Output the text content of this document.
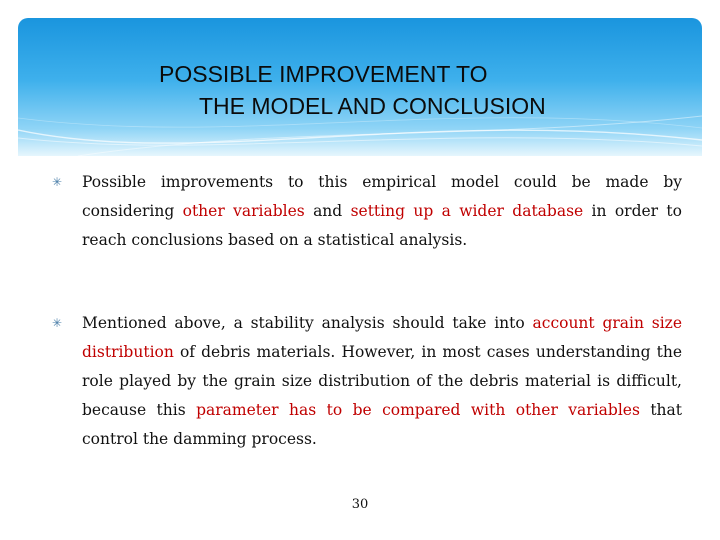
POSSIBLE IMPROVEMENT TO
THE MODEL AND CONCLUSION
✳ Possible improvements to this empirical model could be made by considering other variables and setting up a wider database in order to reach conclusions based on a statistical analysis.
✳ Mentioned above, a stability analysis should take into account grain size distribution of debris materials. However, in most cases understanding the role played by the grain size distribution of the debris material is difficult, because this parameter has to be compared with other variables that control the damming process.
30
